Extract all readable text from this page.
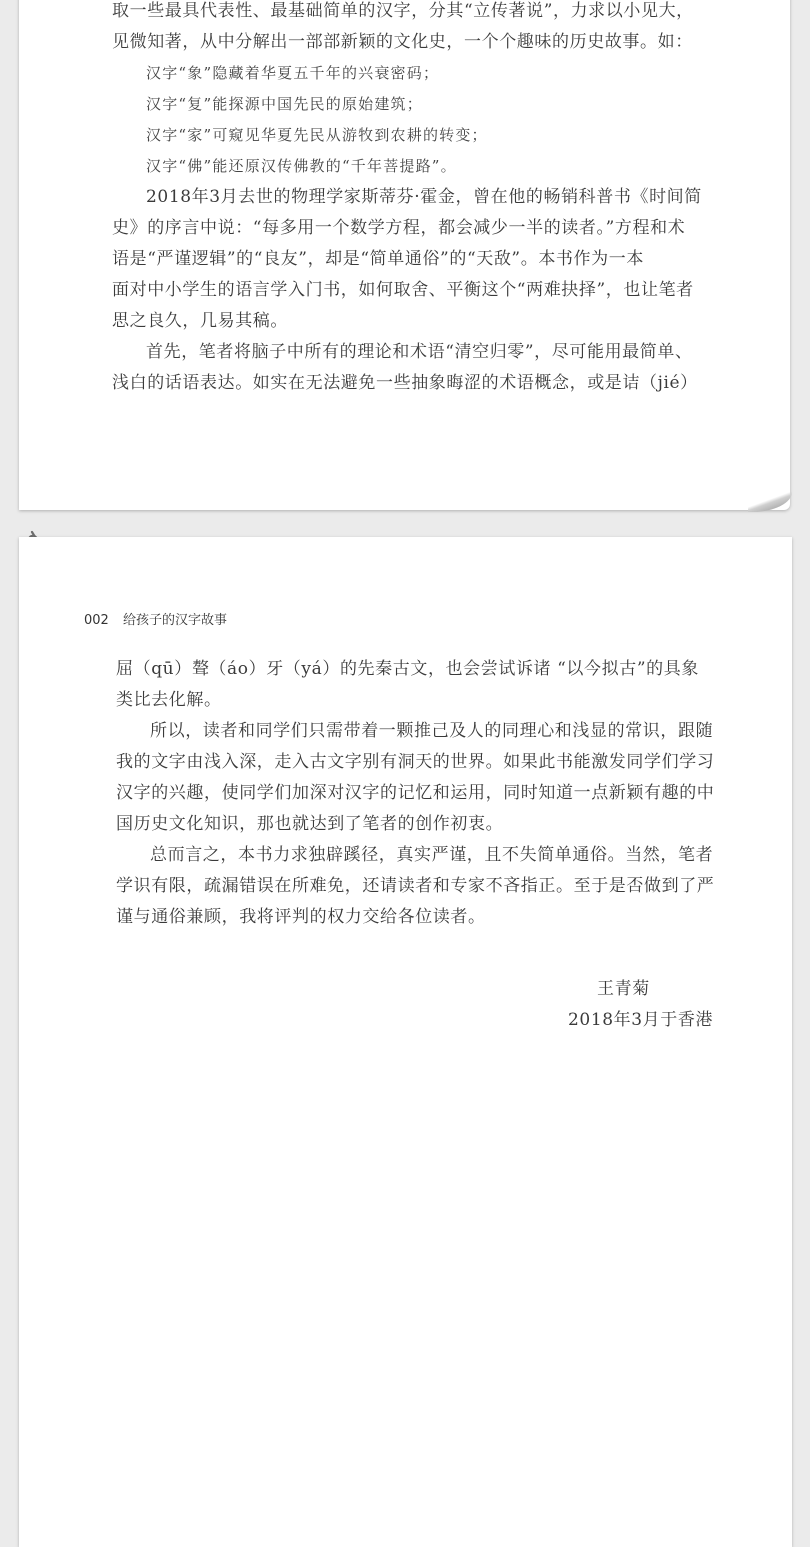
取一些最具代表性、最基础简单的汉字，分其“立传著说”，力求以小见大，
见微知著，从中分解出一部部新颖的文化史，一个个趣味的历史故事。如：
汉字“象”隐藏着华夏五千年的兴衰密码；
汉字“复”能探源中国先民的原始建筑；
汉字“家”可窥见华夏先民从游牧到农耕的转变；
汉字“佛”能还原汉传佛教的“千年菩提路”。
2018年3月去世的物理学家斯蒂芬·霍金，曾在他的畅销科普书《时间简
史》的序言中说：“每多用一个数学方程，都会减少一半的读者。”方程和术
语是“严谨逻辑”的“良友”，却是“简单通俗”的“天敌”。本书作为一本
面对中小学生的语言学入门书，如何取舍、平衡这个“两难抉择”，也让笔者
思之良久，几易其稿。
首先，笔者将脑子中所有的理论和术语“清空归零”，尽可能用最简单、
浅白的话语表达。如实在无法避免一些抽象晦涩的术语概念，或是诘（jié）
002 给孩子的汉字故事
屈（qū）聱（áo）牙（yá）的先秦古文，也会尝试诉诸 “以今拟古”的具象
类比去化解。
所以，读者和同学们只需带着一颗推己及人的同理心和浅显的常识，跟随
我的文字由浅入深，走入古文字别有洞天的世界。如果此书能激发同学们学习
汉字的兴趣，使同学们加深对汉字的记忆和运用，同时知道一点新颖有趣的中
国历史文化知识，那也就达到了笔者的创作初衷。
总而言之，本书力求独辟蹊径，真实严谨，且不失简单通俗。当然，笔者
学识有限，疏漏错误在所难免，还请读者和专家不吝指正。至于是否做到了严
谨与通俗兼顾，我将评判的权力交给各位读者。
王青菊
2018年3月于香港
